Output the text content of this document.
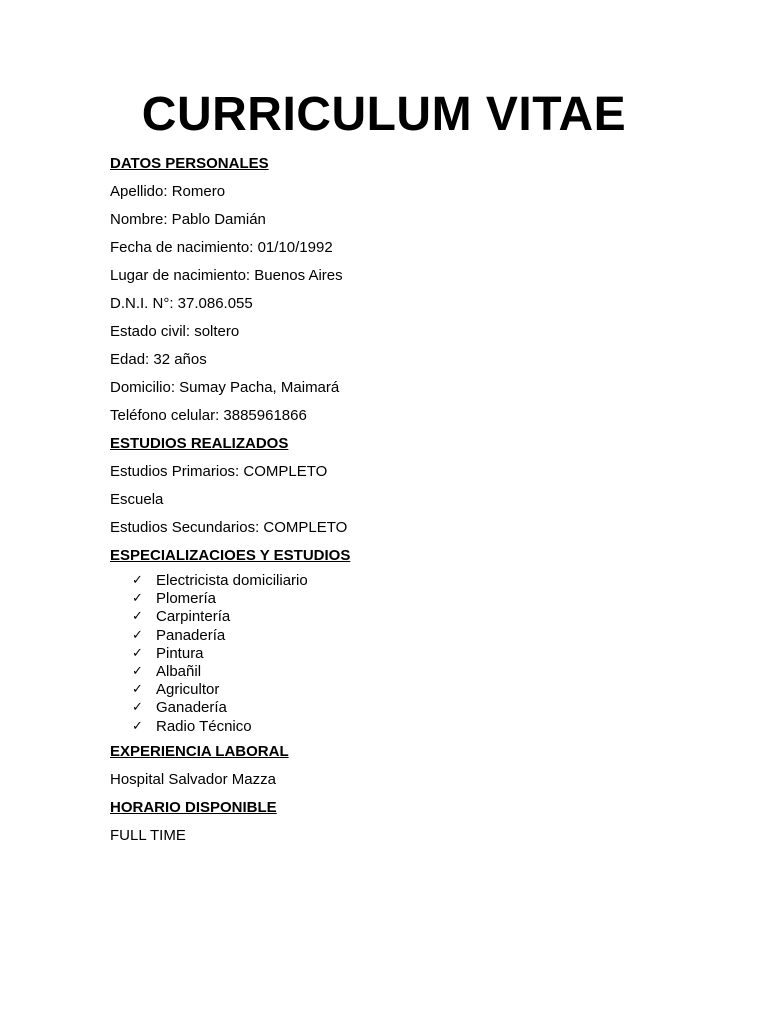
CURRICULUM VITAE
DATOS PERSONALES
Apellido: Romero
Nombre: Pablo Damián
Fecha de nacimiento: 01/10/1992
Lugar de nacimiento: Buenos Aires
D.N.I. N°: 37.086.055
Estado civil: soltero
Edad: 32 años
Domicilio: Sumay Pacha, Maimará
Teléfono celular: 3885961866
ESTUDIOS REALIZADOS
Estudios Primarios: COMPLETO
Escuela
Estudios Secundarios: COMPLETO
ESPECIALIZACIOES Y ESTUDIOS
✓ Electricista domiciliario
✓ Plomería
✓ Carpintería
✓ Panadería
✓ Pintura
✓ Albañil
✓ Agricultor
✓ Ganadería
✓ Radio Técnico
EXPERIENCIA LABORAL
Hospital Salvador Mazza
HORARIO DISPONIBLE
FULL TIME
